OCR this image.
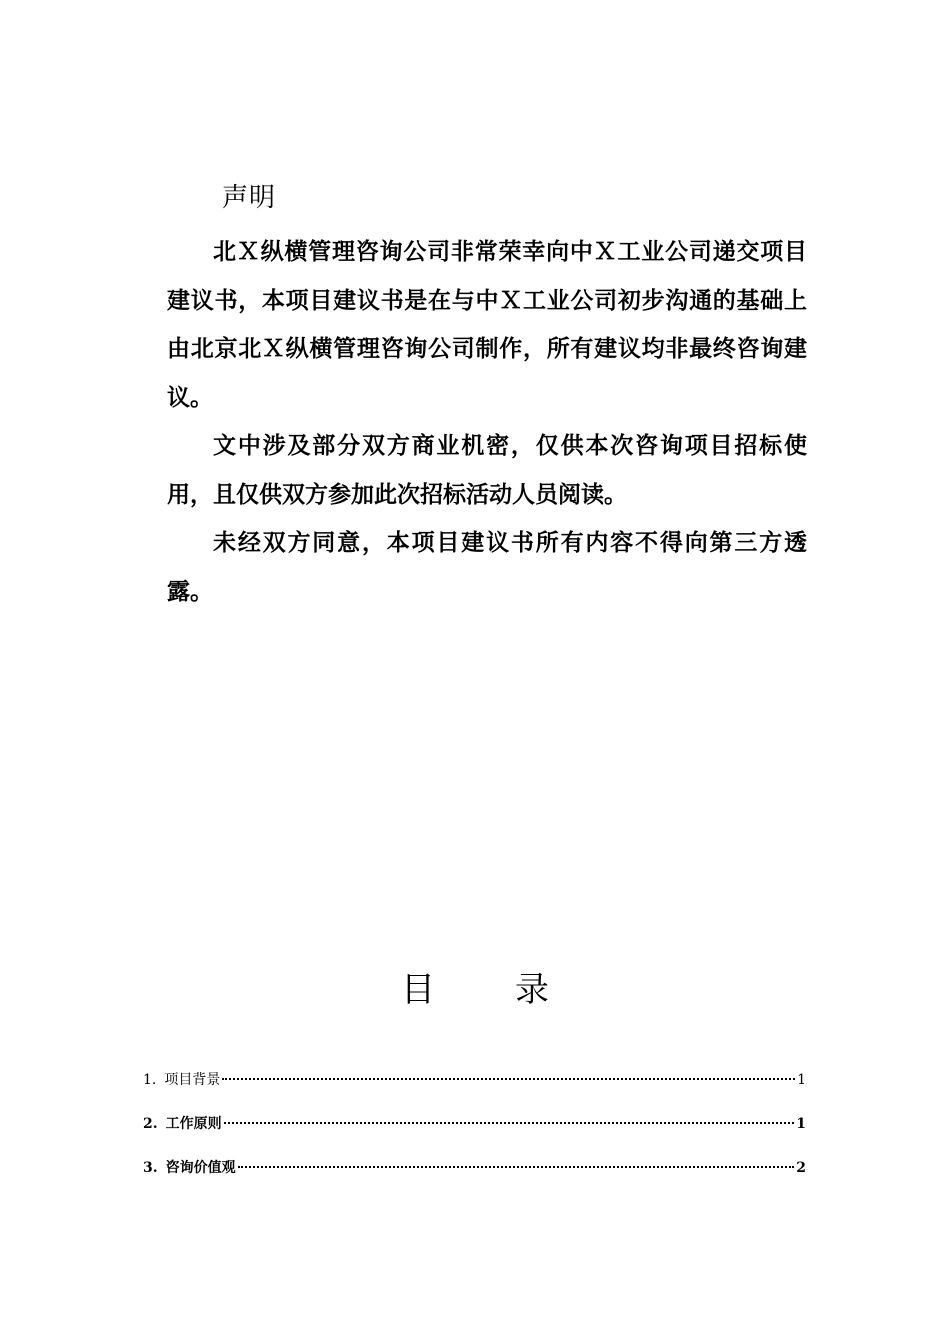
声明

北Ｘ纵横管理咨询公司非常荣幸向中Ｘ工业公司递交项目建议书，本项目建议书是在与中Ｘ工业公司初步沟通的基础上由北京北Ｘ纵横管理咨询公司制作，所有建议均非最终咨询建议。

文中涉及部分双方商业机密，仅供本次咨询项目招标使用，且仅供双方参加此次招标活动人员阅读。

未经双方同意，本项目建议书所有内容不得向第三方透露。

目录
1. 项目背景	1
2. 工作原则	1
3. 咨询价值观	2
